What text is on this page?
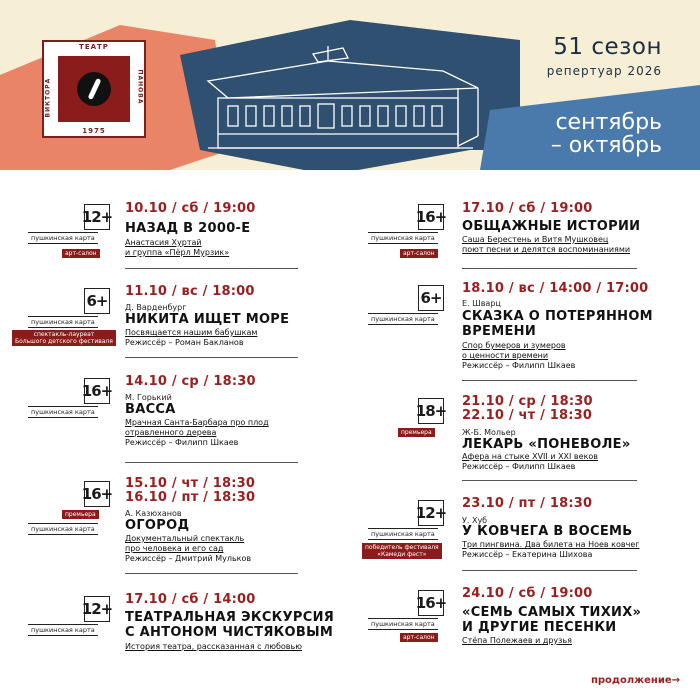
ТЕАТР
1975
ВИКТОРА	ПАНОВА
51 сезон
репертуар 2026
сентябрь
– октябрь
12+
пушкинская карта
арт-салон
10.10 / сб / 19:00
НАЗАД В 2000-Е
Анастасия Хуртай
и группа «Пёрл Мурзик»
6+
пушкинская карта
спектакль-лауреат
Большого детского фестиваля
11.10 / вс / 18:00
Д. Варденбург
НИКИТА ИЩЕТ МОРЕ
Посвящается нашим бабушкам
Режиссёр – Роман Бакланов
16+
пушкинская карта
14.10 / ср / 18:30
М. Горький
ВАССА
Мрачная Санта-Барбара про плод
отравленного дерева
Режиссёр – Филипп Шкаев
16+
премьера
пушкинская карта
15.10 / чт / 18:30
16.10 / пт / 18:30
А. Казюханов
ОГОРОД
Документальный спектакль
про человека и его сад
Режиссёр – Дмитрий Мульков
12+
пушкинская карта
17.10 / сб / 14:00
ТЕАТРАЛЬНАЯ ЭКСКУРСИЯ
С АНТОНОМ ЧИСТЯКОВЫМ
История театра, рассказанная с любовью
16+
пушкинская карта
арт-салон
17.10 / сб / 19:00
ОБЩАЖНЫЕ ИСТОРИИ
Саша Берестень и Витя Мушковец
поют песни и делятся воспоминаниями
6+
пушкинская карта
18.10 / вс / 14:00 / 17:00
Е. Шварц
СКАЗКА О ПОТЕРЯННОМ
ВРЕМЕНИ
Спор бумеров и зумеров
о ценности времени
Режиссёр – Филипп Шкаев
18+
премьера
21.10 / ср / 18:30
22.10 / чт / 18:30
Ж-Б. Мольер
ЛЕКАРЬ «ПОНЕВОЛЕ»
Афера на стыке XVII и XXI веков
Режиссёр – Филипп Шкаев
12+
пушкинская карта
победитель фестиваля
«Камеди фест»
23.10 / пт / 18:30
У. Хуб
У КОВЧЕГА В ВОСЕМЬ
Три пингвина. Два билета на Ноев ковчег
Режиссёр – Екатерина Шихова
16+
пушкинская карта
арт-салон
24.10 / сб / 19:00
«СЕМЬ САМЫХ ТИХИХ»
И ДРУГИЕ ПЕСЕНКИ
Стёпа Полежаев и друзья
продолжение→
